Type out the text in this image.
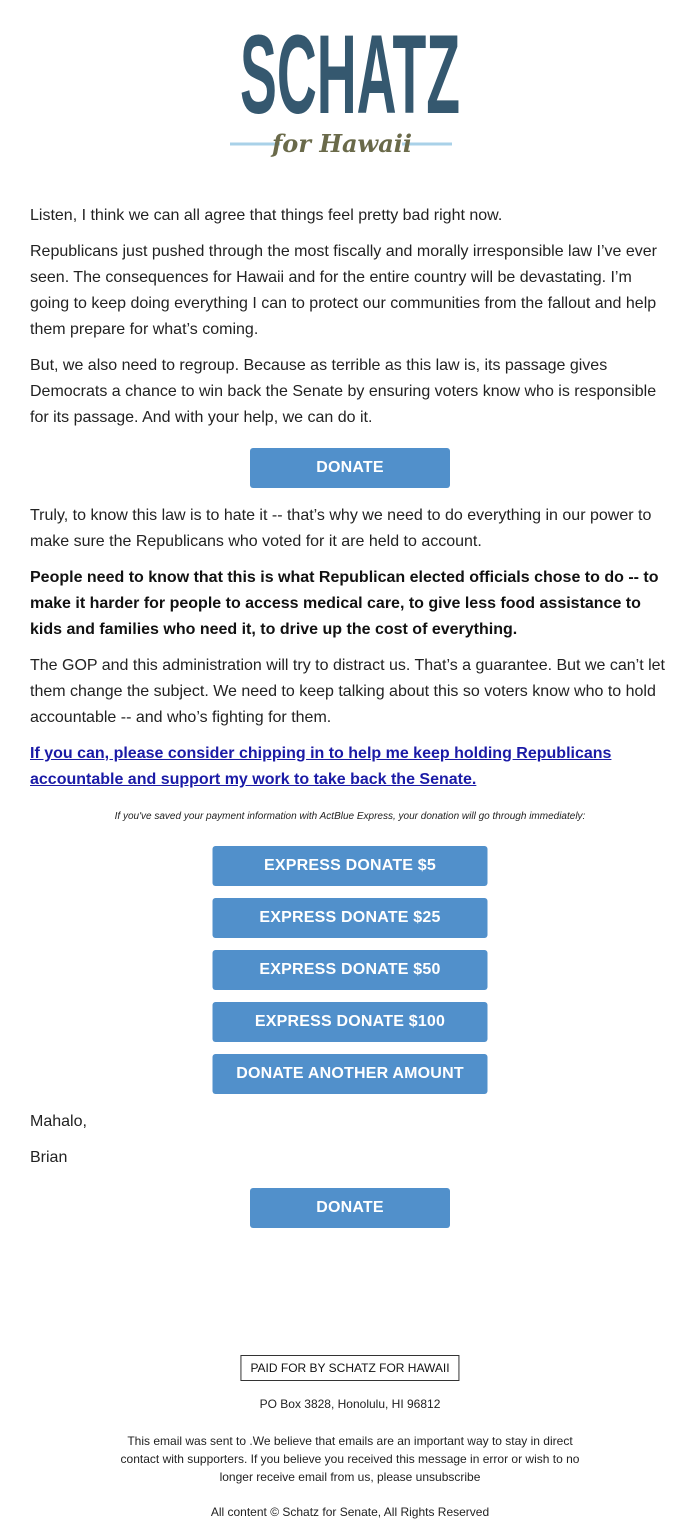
SCHATZ
for Hawaii

Listen, I think we can all agree that things feel pretty bad right now.

Republicans just pushed through the most fiscally and morally irresponsible law I’ve ever seen. The consequences for Hawaii and for the entire country will be devastating. I’m going to keep doing everything I can to protect our communities from the fallout and help them prepare for what’s coming.

But, we also need to regroup. Because as terrible as this law is, its passage gives Democrats a chance to win back the Senate by ensuring voters know who is responsible for its passage. And with your help, we can do it.

DONATE

Truly, to know this law is to hate it -- that’s why we need to do everything in our power to make sure the Republicans who voted for it are held to account.

People need to know that this is what Republican elected officials chose to do -- to make it harder for people to access medical care, to give less food assistance to kids and families who need it, to drive up the cost of everything.

The GOP and this administration will try to distract us. That’s a guarantee. But we can’t let them change the subject. We need to keep talking about this so voters know who to hold accountable -- and who’s fighting for them.

If you can, please consider chipping in to help me keep holding Republicans accountable and support my work to take back the Senate.

If you've saved your payment information with ActBlue Express, your donation will go through immediately:
EXPRESS DONATE $5
EXPRESS DONATE $25
EXPRESS DONATE $50
EXPRESS DONATE $100
DONATE ANOTHER AMOUNT

Mahalo,

Brian

DONATE
PAID FOR BY SCHATZ FOR HAWAII
PO Box 3828, Honolulu, HI 96812
This email was sent to .We believe that emails are an important way to stay in direct contact with supporters. If you believe you received this message in error or wish to no longer receive email from us, please unsubscribe
All content © Schatz for Senate, All Rights Reserved
